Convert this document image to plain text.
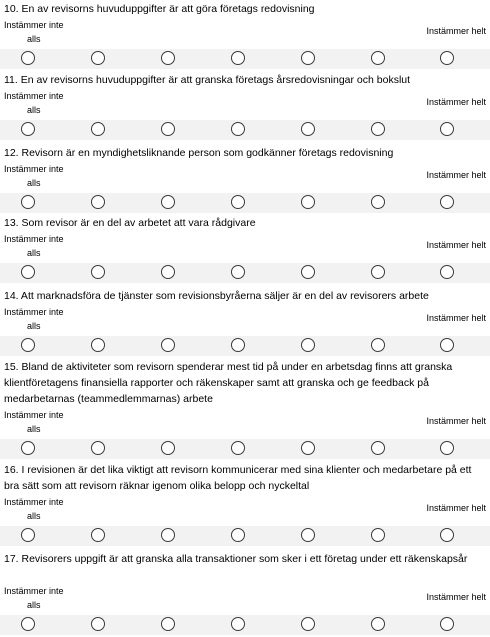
10. En av revisorns huvuduppgifter är att göra företags redovisning
Instämmer inte
alls
Instämmer helt
11. En av revisorns huvuduppgifter är att granska företags årsredovisningar och bokslut
Instämmer inte
alls
Instämmer helt
12. Revisorn är en myndighetsliknande person som godkänner företags redovisning
Instämmer inte
alls
Instämmer helt
13. Som revisor är en del av arbetet att vara rådgivare
Instämmer inte
alls
Instämmer helt
14. Att marknadsföra de tjänster som revisionsbyråerna säljer är en del av revisorers arbete
Instämmer inte
alls
Instämmer helt
15. Bland de aktiviteter som revisorn spenderar mest tid på under en arbetsdag finns att granska klientföretagens finansiella rapporter och räkenskaper samt att granska och ge feedback på medarbetarnas (teammedlemmarnas) arbete
Instämmer inte
alls
Instämmer helt
16. I revisionen är det lika viktigt att revisorn kommunicerar med sina klienter och medarbetare på ett bra sätt som att revisorn räknar igenom olika belopp och nyckeltal
Instämmer inte
alls
Instämmer helt
17. Revisorers uppgift är att granska alla transaktioner som sker i ett företag under ett räkenskapsår
Instämmer inte
alls
Instämmer helt
